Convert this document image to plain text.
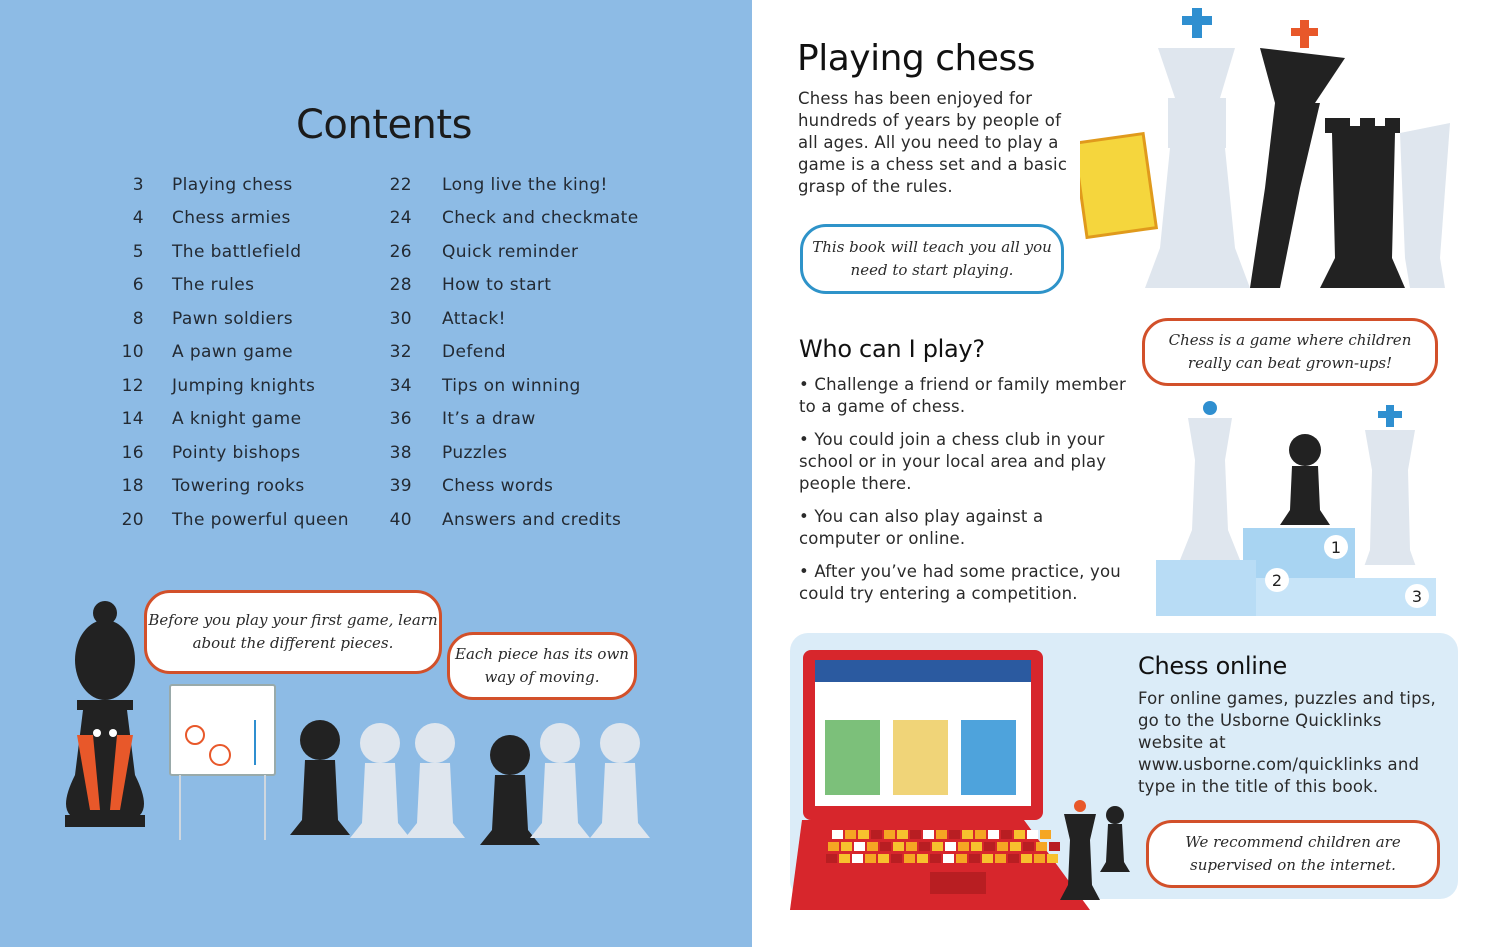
Contents
3 Playing chess
4 Chess armies
5 The battlefield
6 The rules
8 Pawn soldiers
10 A pawn game
12 Jumping knights
14 A knight game
16 Pointy bishops
18 Towering rooks
20 The powerful queen
22 Long live the king!
24 Check and checkmate
26 Quick reminder
28 How to start
30 Attack!
32 Defend
34 Tips on winning
36 It’s a draw
38 Puzzles
39 Chess words
40 Answers and credits
Before you play your first game, learn about the different pieces.
Each piece has its own way of moving.
Playing chess
Chess has been enjoyed for hundreds of years by people of all ages. All you need to play a game is a chess set and a basic grasp of the rules.
This book will teach you all you need to start playing.
Who can I play?
• Challenge a friend or family member to a game of chess.
• You could join a chess club in your school or in your local area and play people there.
• You can also play against a computer or online.
• After you’ve had some practice, you could try entering a competition.
Chess is a game where children really can beat grown-ups!
1
2
3
Chess online
For online games, puzzles and tips, go to the Usborne Quicklinks website at www.usborne.com/quicklinks and type in the title of this book.
We recommend children are supervised on the internet.
